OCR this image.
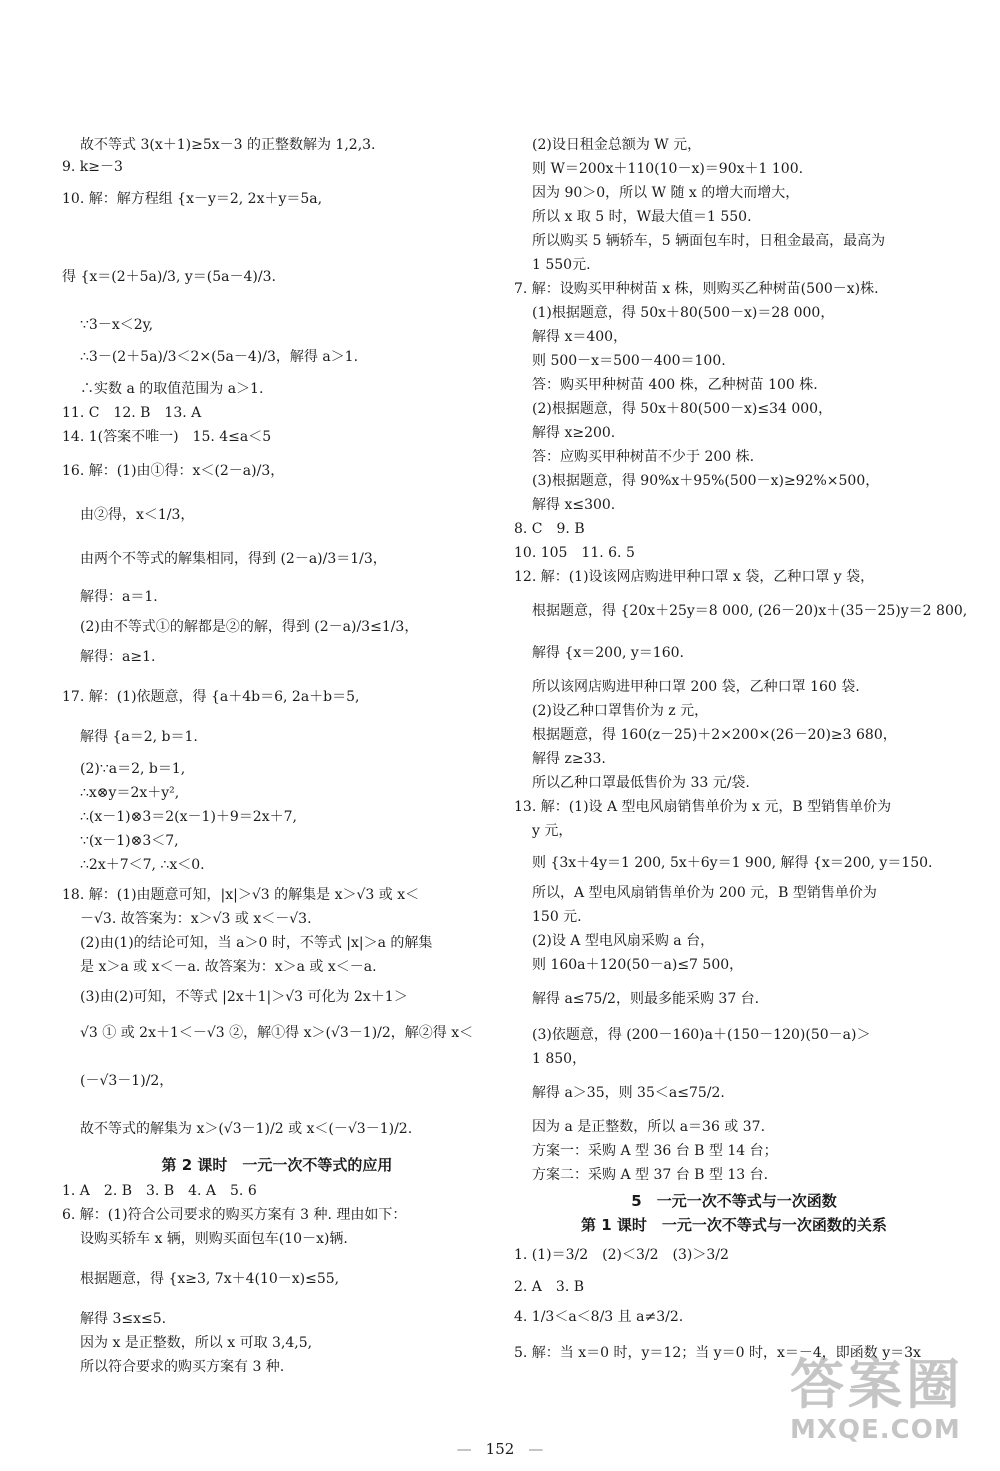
故不等式 3(x＋1)≥5x－3 的正整数解为 1,2,3.
9. k≥－3
10. 解：解方程组 {x－y＝2, 2x＋y＝5a,
得 {x＝(2＋5a)/3, y＝(5a－4)/3.
∵3－x＜2y,
∴3－(2＋5a)/3＜2×(5a－4)/3，解得 a＞1.
∴实数 a 的取值范围为 a＞1.
11. C　12. B　13. A
14. 1(答案不唯一)　15. 4≤a＜5
16. 解：(1)由①得：x＜(2－a)/3，
由②得，x＜1/3，
由两个不等式的解集相同，得到 (2－a)/3＝1/3，
解得：a＝1.
(2)由不等式①的解都是②的解，得到 (2－a)/3≤1/3，
解得：a≥1.
17. 解：(1)依题意，得 {a＋4b＝6, 2a＋b＝5,
解得 {a＝2, b＝1.
(2)∵a＝2, b＝1,
∴x⊗y＝2x＋y²,
∴(x－1)⊗3＝2(x－1)＋9＝2x＋7,
∵(x－1)⊗3＜7,
∴2x＋7＜7, ∴x＜0.
18. 解：(1)由题意可知，|x|＞√3 的解集是 x＞√3 或 x＜
－√3. 故答案为：x＞√3 或 x＜－√3.
(2)由(1)的结论可知，当 a＞0 时，不等式 |x|＞a 的解集
是 x＞a 或 x＜－a. 故答案为：x＞a 或 x＜－a.
(3)由(2)可知，不等式 |2x＋1|＞√3 可化为 2x＋1＞
√3 ① 或 2x＋1＜－√3 ②，解①得 x＞(√3－1)/2，解②得 x＜
(－√3－1)/2，
故不等式的解集为 x＞(√3－1)/2 或 x＜(－√3－1)/2.
第 2 课时　一元一次不等式的应用
1. A　2. B　3. B　4. A　5. 6
6. 解：(1)符合公司要求的购买方案有 3 种. 理由如下：
设购买轿车 x 辆，则购买面包车(10－x)辆.
根据题意，得 {x≥3, 7x＋4(10－x)≤55,
解得 3≤x≤5.
因为 x 是正整数，所以 x 可取 3,4,5,
所以符合要求的购买方案有 3 种.
(2)设日租金总额为 W 元，
则 W＝200x＋110(10－x)＝90x＋1 100.
因为 90＞0，所以 W 随 x 的增大而增大，
所以 x 取 5 时，W最大值＝1 550.
所以购买 5 辆轿车，5 辆面包车时，日租金最高，最高为
1 550元.
7. 解：设购买甲种树苗 x 株，则购买乙种树苗(500－x)株.
(1)根据题意，得 50x＋80(500－x)＝28 000，
解得 x＝400，
则 500－x＝500－400＝100.
答：购买甲种树苗 400 株，乙种树苗 100 株.
(2)根据题意，得 50x＋80(500－x)≤34 000，
解得 x≥200.
答：应购买甲种树苗不少于 200 株.
(3)根据题意，得 90%x＋95%(500－x)≥92%×500，
解得 x≤300.
8. C　9. B
10. 105　11. 6. 5
12. 解：(1)设该网店购进甲种口罩 x 袋，乙种口罩 y 袋，
根据题意，得 {20x＋25y＝8 000, (26－20)x＋(35－25)y＝2 800,
解得 {x＝200, y＝160.
所以该网店购进甲种口罩 200 袋，乙种口罩 160 袋.
(2)设乙种口罩售价为 z 元，
根据题意，得 160(z－25)＋2×200×(26－20)≥3 680，
解得 z≥33.
所以乙种口罩最低售价为 33 元/袋.
13. 解：(1)设 A 型电风扇销售单价为 x 元，B 型销售单价为
y 元，
则 {3x＋4y＝1 200, 5x＋6y＝1 900, 解得 {x＝200, y＝150.
所以，A 型电风扇销售单价为 200 元，B 型销售单价为
150 元.
(2)设 A 型电风扇采购 a 台，
则 160a＋120(50－a)≤7 500，
解得 a≤75/2，则最多能采购 37 台.
(3)依题意，得 (200－160)a＋(150－120)(50－a)＞
1 850，
解得 a＞35，则 35＜a≤75/2.
因为 a 是正整数，所以 a＝36 或 37.
方案一：采购 A 型 36 台 B 型 14 台；
方案二：采购 A 型 37 台 B 型 13 台.
5　一元一次不等式与一次函数
第 1 课时　一元一次不等式与一次函数的关系
1. (1)＝3/2　(2)＜3/2　(3)＞3/2
2. A　3. B
4. 1/3＜a＜8/3 且 a≠3/2.
5. 解：当 x＝0 时，y＝12；当 y＝0 时，x＝－4，即函数 y＝3x
— 152 —
答案圈
MXQE.COM
